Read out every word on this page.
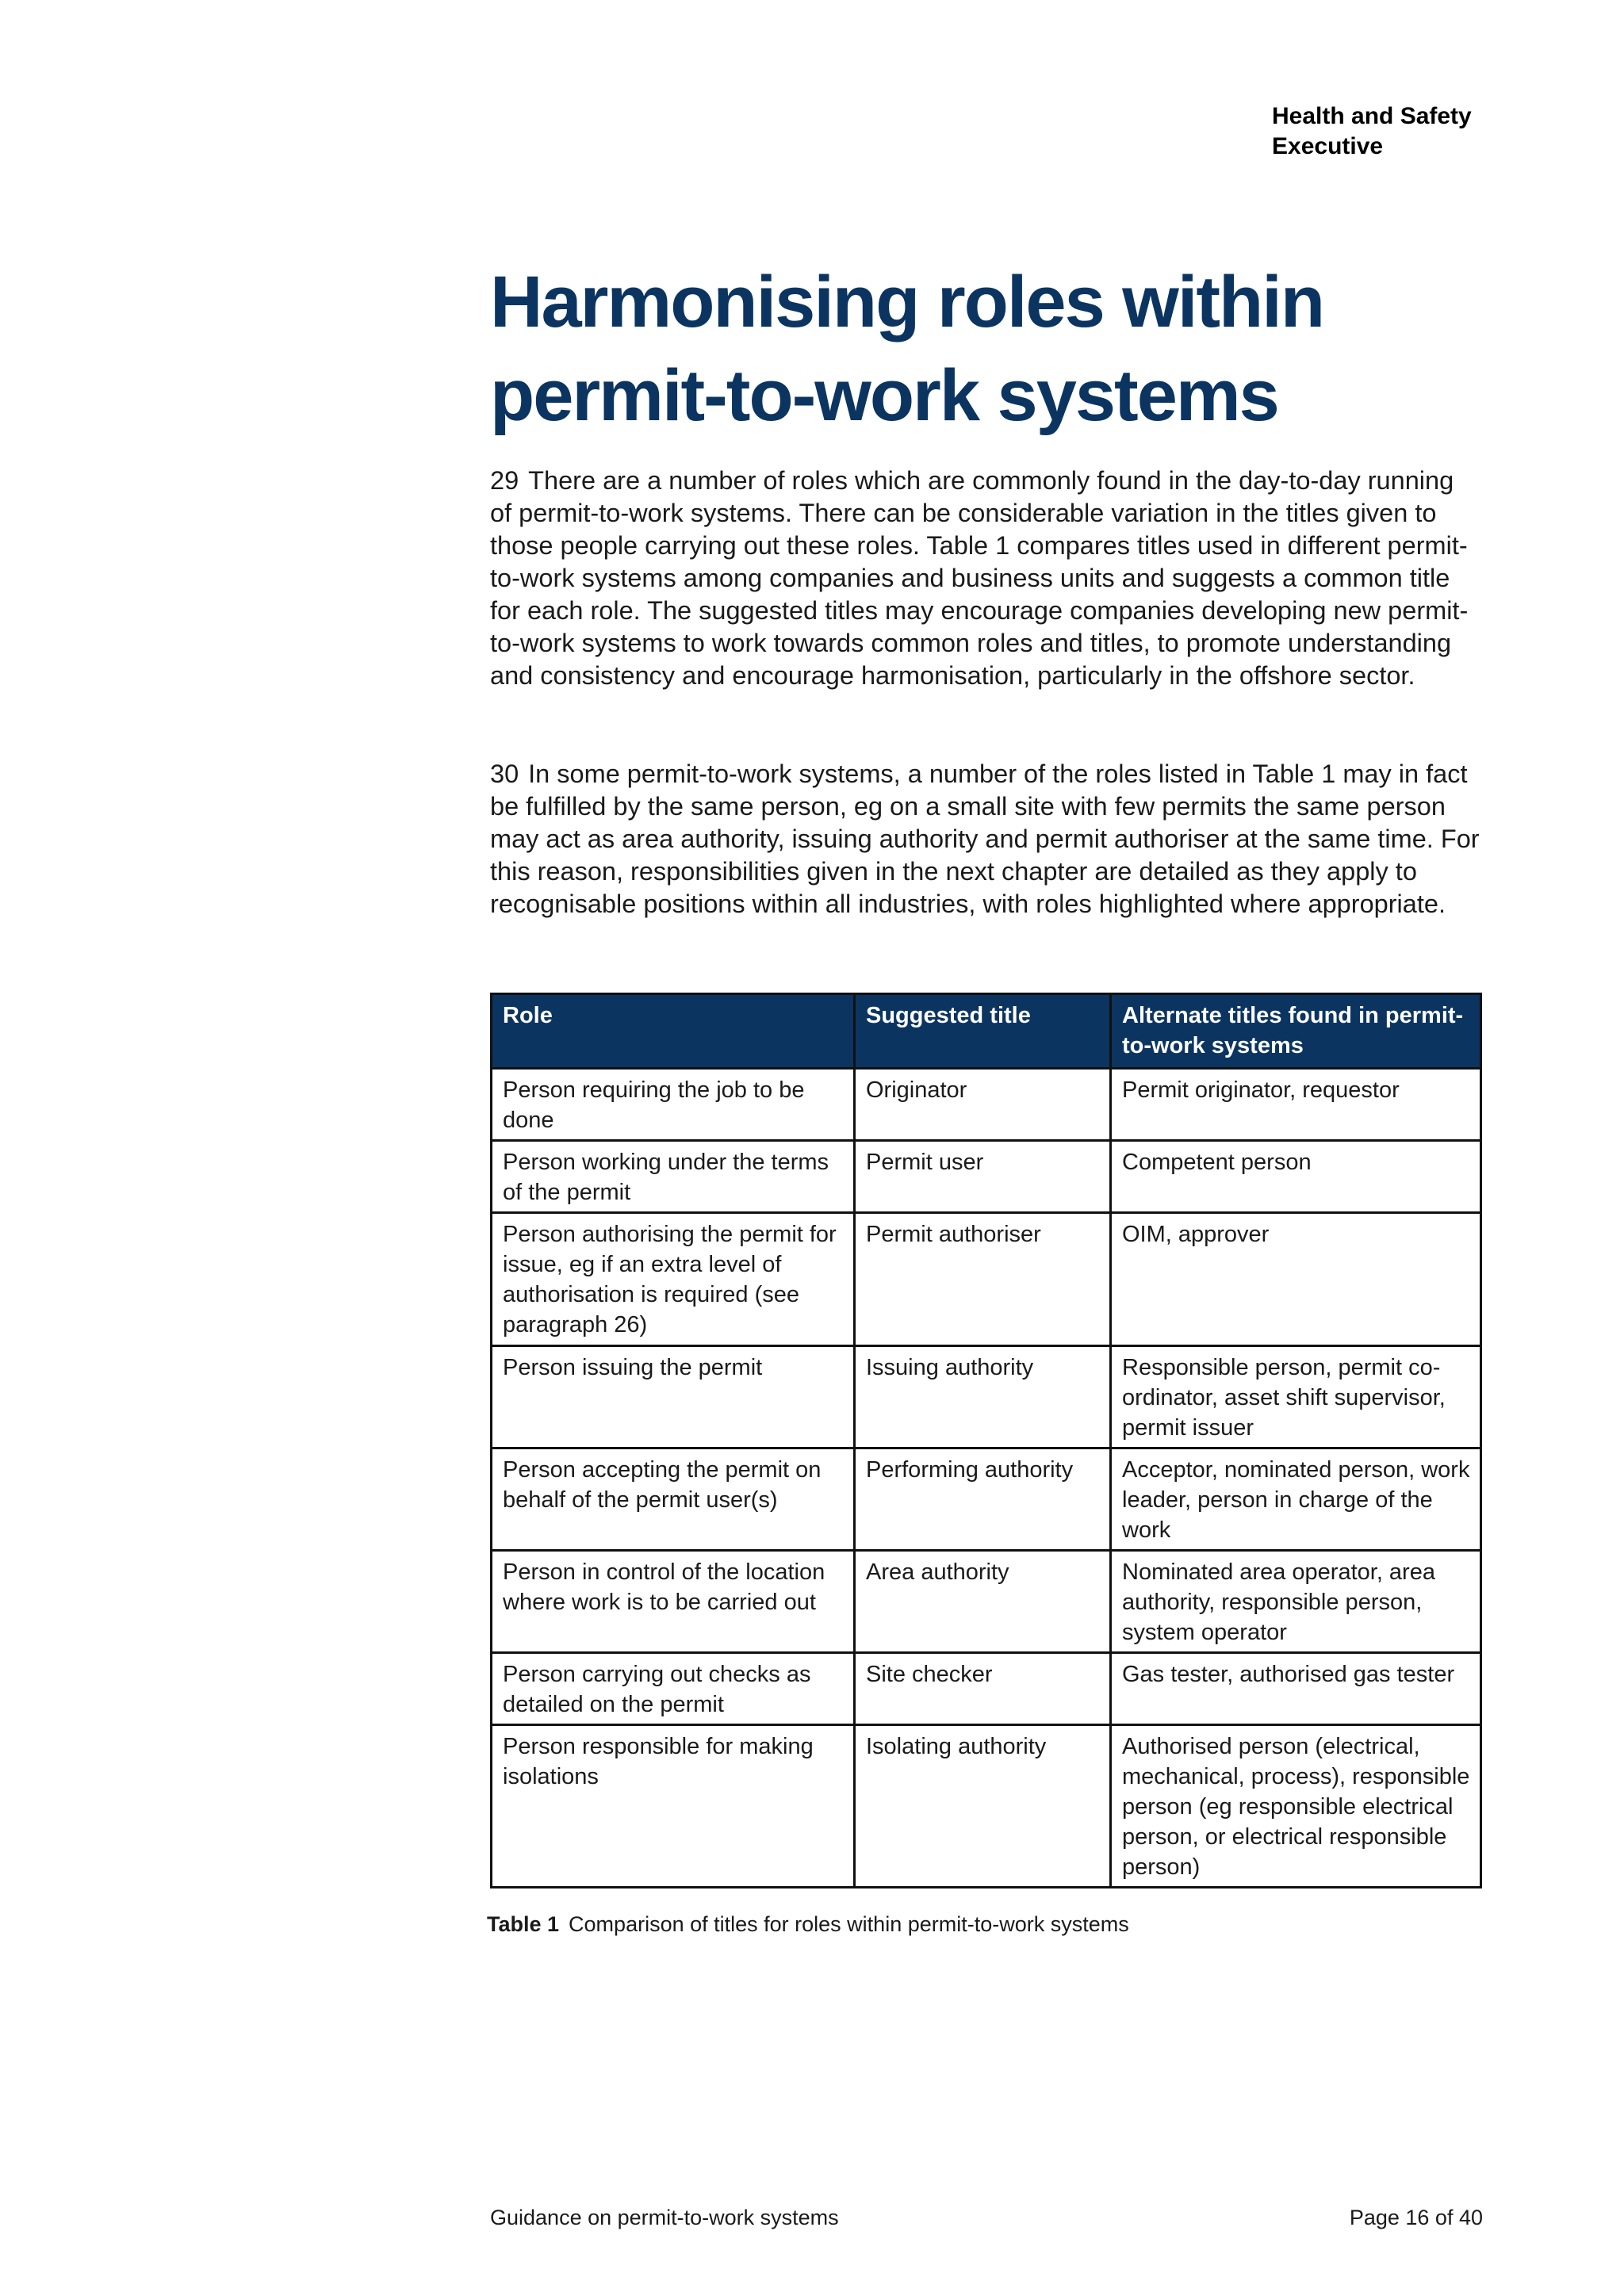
Health and Safety
Executive
Harmonising roles within permit-to-work systems

29 There are a number of roles which are commonly found in the day-to-day running of permit-to-work systems. There can be considerable variation in the titles given to those people carrying out these roles. Table 1 compares titles used in different permit-to-work systems among companies and business units and suggests a common title for each role. The suggested titles may encourage companies developing new permit-to-work systems to work towards common roles and titles, to promote understanding and consistency and encourage harmonisation, particularly in the offshore sector.

30 In some permit-to-work systems, a number of the roles listed in Table 1 may in fact be fulfilled by the same person, eg on a small site with few permits the same person may act as area authority, issuing authority and permit authoriser at the same time. For this reason, responsibilities given in the next chapter are detailed as they apply to recognisable positions within all industries, with roles highlighted where appropriate.

Role	Suggested title	Alternate titles found in permit-to-work systems
Person requiring the job to be done	Originator	Permit originator, requestor
Person working under the terms of the permit	Permit user	Competent person
Person authorising the permit for issue, eg if an extra level of authorisation is required (see paragraph 26)	Permit authoriser	OIM, approver
Person issuing the permit	Issuing authority	Responsible person, permit co-ordinator, asset shift supervisor, permit issuer
Person accepting the permit on behalf of the permit user(s)	Performing authority	Acceptor, nominated person, work leader, person in charge of the work
Person in control of the location where work is to be carried out	Area authority	Nominated area operator, area authority, responsible person, system operator
Person carrying out checks as detailed on the permit	Site checker	Gas tester, authorised gas tester
Person responsible for making isolations	Isolating authority	Authorised person (electrical, mechanical, process), responsible person (eg responsible electrical person, or electrical responsible person)
Table 1 Comparison of titles for roles within permit-to-work systems
Guidance on permit-to-work systems	Page 16 of 40
